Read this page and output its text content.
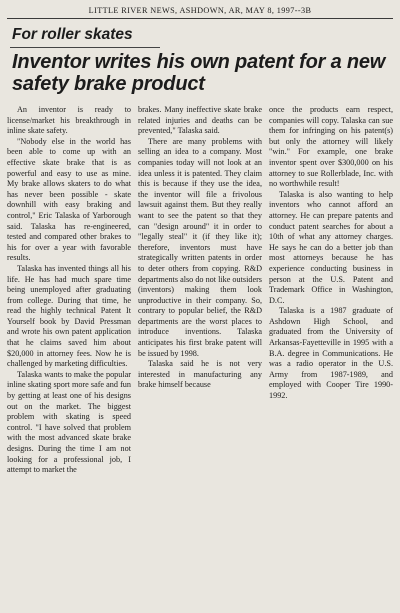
LITTLE RIVER NEWS, ASHDOWN, AR, MAY 8, 1997--3B
For roller skates
Inventor writes his own patent for a new safety brake product

An inventor is ready to license/market his breakthrough in inline skate safety.

"Nobody else in the world has been able to come up with an effective skate brake that is as powerful and easy to use as mine. My brake allows skaters to do what has never been possible - skate downhill with easy braking and control," Eric Talaska of Yarborough said. Talaska has re-engineered, tested and compared other brakes to his for over a year with favorable results.

Talaska has invented things all his life. He has had much spare time being unemployed after graduating from college. During that time, he read the highly technical Patent It Yourself book by David Pressman and wrote his own patent application that he claims saved him about $20,000 in attorney fees. Now he is challenged by marketing difficulties.

Talaska wants to make the popular inline skating sport more safe and fun by getting at least one of his designs out on the market. The biggest problem with skating is speed control. "I have solved that problem with the most advanced skate brake designs. During the time I am not looking for a professional job, I attempt to market the

brakes. Many ineffective skate brake related injuries and deaths can be prevented," Talaska said.

There are many problems with selling an idea to a company. Most companies today will not look at an idea unless it is patented. They claim this is because if they use the idea, the inventor will file a frivolous lawsuit against them. But they really want to see the patent so that they can "design around" it in order to "legally steal" it (if they like it); therefore, inventors must have strategically written patents in order to deter others from copying. R&D departments also do not like outsiders (inventors) making them look unproductive in their company. So, contrary to popular belief, the R&D departments are the worst places to introduce inventions. Talaska anticipates his first brake patent will be issued by 1998.

Talaska said he is not very interested in manufacturing any brake himself because

once the products earn respect, companies will copy. Talaska can sue them for infringing on his patent(s) but only the attorney will likely "win." For example, one brake inventor spent over $300,000 on his attorney to sue Rollerblade, Inc. with no worthwhile result!

Talaska is also wanting to help inventors who cannot afford an attorney. He can prepare patents and conduct patent searches for about a 10th of what any attorney charges. He says he can do a better job than most attorneys because he has experience conducting business in person at the U.S. Patent and Trademark Office in Washington, D.C.

Talaska is a 1987 graduate of Ashdown High School, and graduated from the University of Arkansas-Fayetteville in 1995 with a B.A. degree in Communications. He was a radio operator in the U.S. Army from 1987-1989, and employed with Cooper Tire 1990-1992.
